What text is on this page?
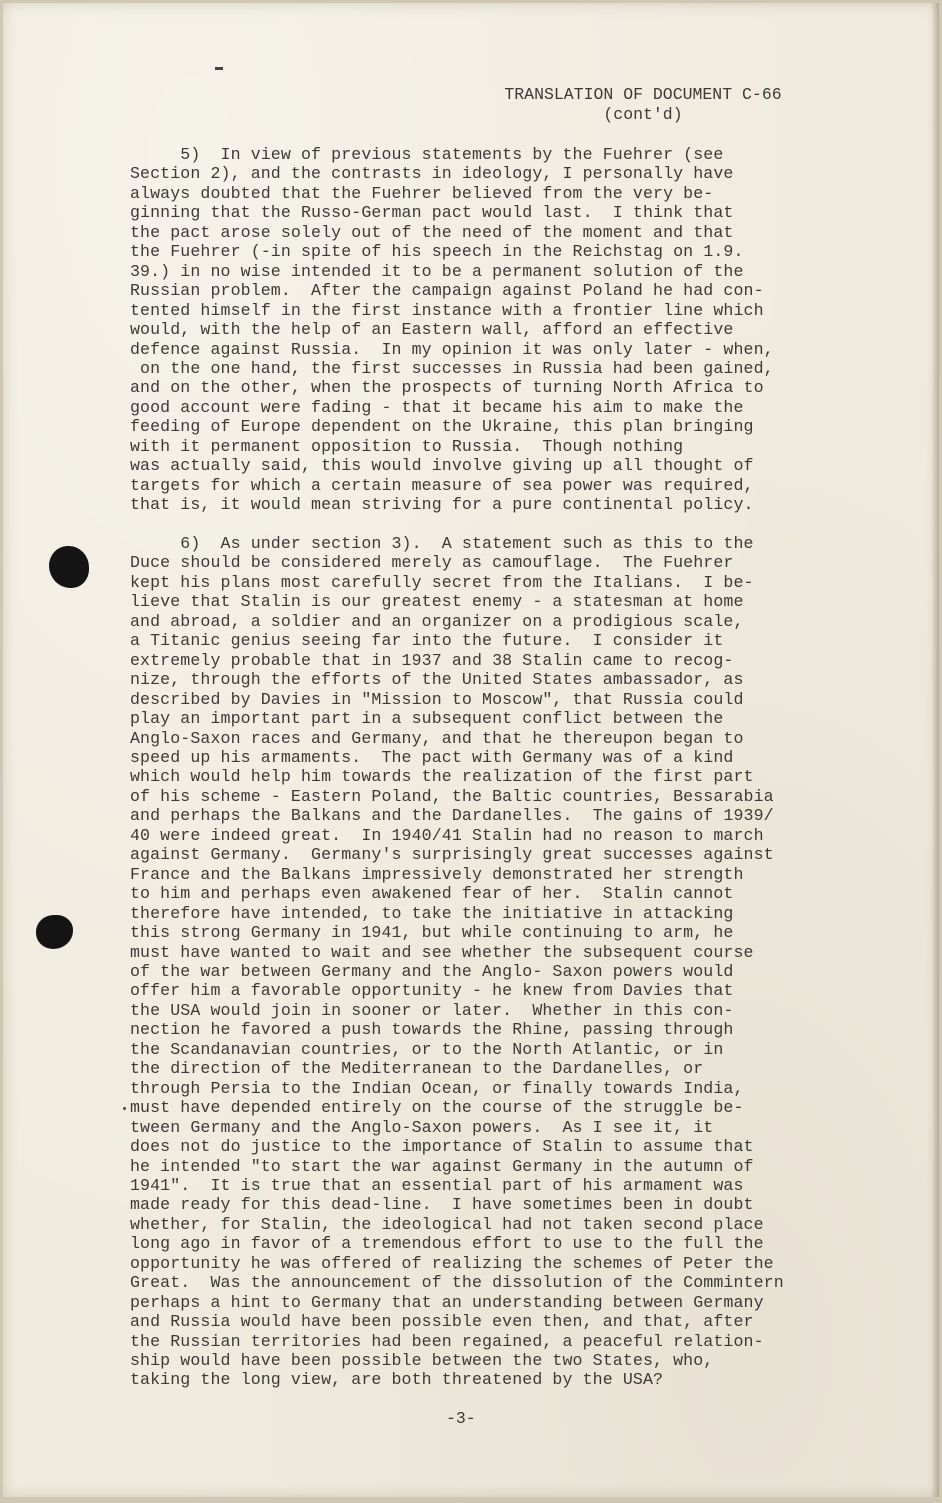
TRANSLATION OF DOCUMENT C-66
(cont'd)
5)  In view of previous statements by the Fuehrer (see
Section 2), and the contrasts in ideology, I personally have
always doubted that the Fuehrer believed from the very be-
ginning that the Russo-German pact would last.  I think that
the pact arose solely out of the need of the moment and that
the Fuehrer (-in spite of his speech in the Reichstag on 1.9.
39.) in no wise intended it to be a permanent solution of the
Russian problem.  After the campaign against Poland he had con-
tented himself in the first instance with a frontier line which
would, with the help of an Eastern wall, afford an effective
defence against Russia.  In my opinion it was only later - when,
on the one hand, the first successes in Russia had been gained,
and on the other, when the prospects of turning North Africa to
good account were fading - that it became his aim to make the
feeding of Europe dependent on the Ukraine, this plan bringing
with it permanent opposition to Russia.  Though nothing
was actually said, this would involve giving up all thought of
targets for which a certain measure of sea power was required,
that is, it would mean striving for a pure continental policy.
6)  As under section 3).  A statement such as this to the
Duce should be considered merely as camouflage.  The Fuehrer
kept his plans most carefully secret from the Italians.  I be-
lieve that Stalin is our greatest enemy - a statesman at home
and abroad, a soldier and an organizer on a prodigious scale,
a Titanic genius seeing far into the future.  I consider it
extremely probable that in 1937 and 38 Stalin came to recog-
nize, through the efforts of the United States ambassador, as
described by Davies in "Mission to Moscow", that Russia could
play an important part in a subsequent conflict between the
Anglo-Saxon races and Germany, and that he thereupon began to
speed up his armaments.  The pact with Germany was of a kind
which would help him towards the realization of the first part
of his scheme - Eastern Poland, the Baltic countries, Bessarabia
and perhaps the Balkans and the Dardanelles.  The gains of 1939/
40 were indeed great.  In 1940/41 Stalin had no reason to march
against Germany.  Germany's surprisingly great successes against
France and the Balkans impressively demonstrated her strength
to him and perhaps even awakened fear of her.  Stalin cannot
therefore have intended, to take the initiative in attacking
this strong Germany in 1941, but while continuing to arm, he
must have wanted to wait and see whether the subsequent course
of the war between Germany and the Anglo- Saxon powers would
offer him a favorable opportunity - he knew from Davies that
the USA would join in sooner or later.  Whether in this con-
nection he favored a push towards the Rhine, passing through
the Scandanavian countries, or to the North Atlantic, or in
the direction of the Mediterranean to the Dardanelles, or
through Persia to the Indian Ocean, or finally towards India,
must have depended entirely on the course of the struggle be-
tween Germany and the Anglo-Saxon powers.  As I see it, it
does not do justice to the importance of Stalin to assume that
he intended "to start the war against Germany in the autumn of
1941".  It is true that an essential part of his armament was
made ready for this dead-line.  I have sometimes been in doubt
whether, for Stalin, the ideological had not taken second place
long ago in favor of a tremendous effort to use to the full the
opportunity he was offered of realizing the schemes of Peter the
Great.  Was the announcement of the dissolution of the Commintern
perhaps a hint to Germany that an understanding between Germany
and Russia would have been possible even then, and that, after
the Russian territories had been regained, a peaceful relation-
ship would have been possible between the two States, who,
taking the long view, are both threatened by the USA?
-3-
